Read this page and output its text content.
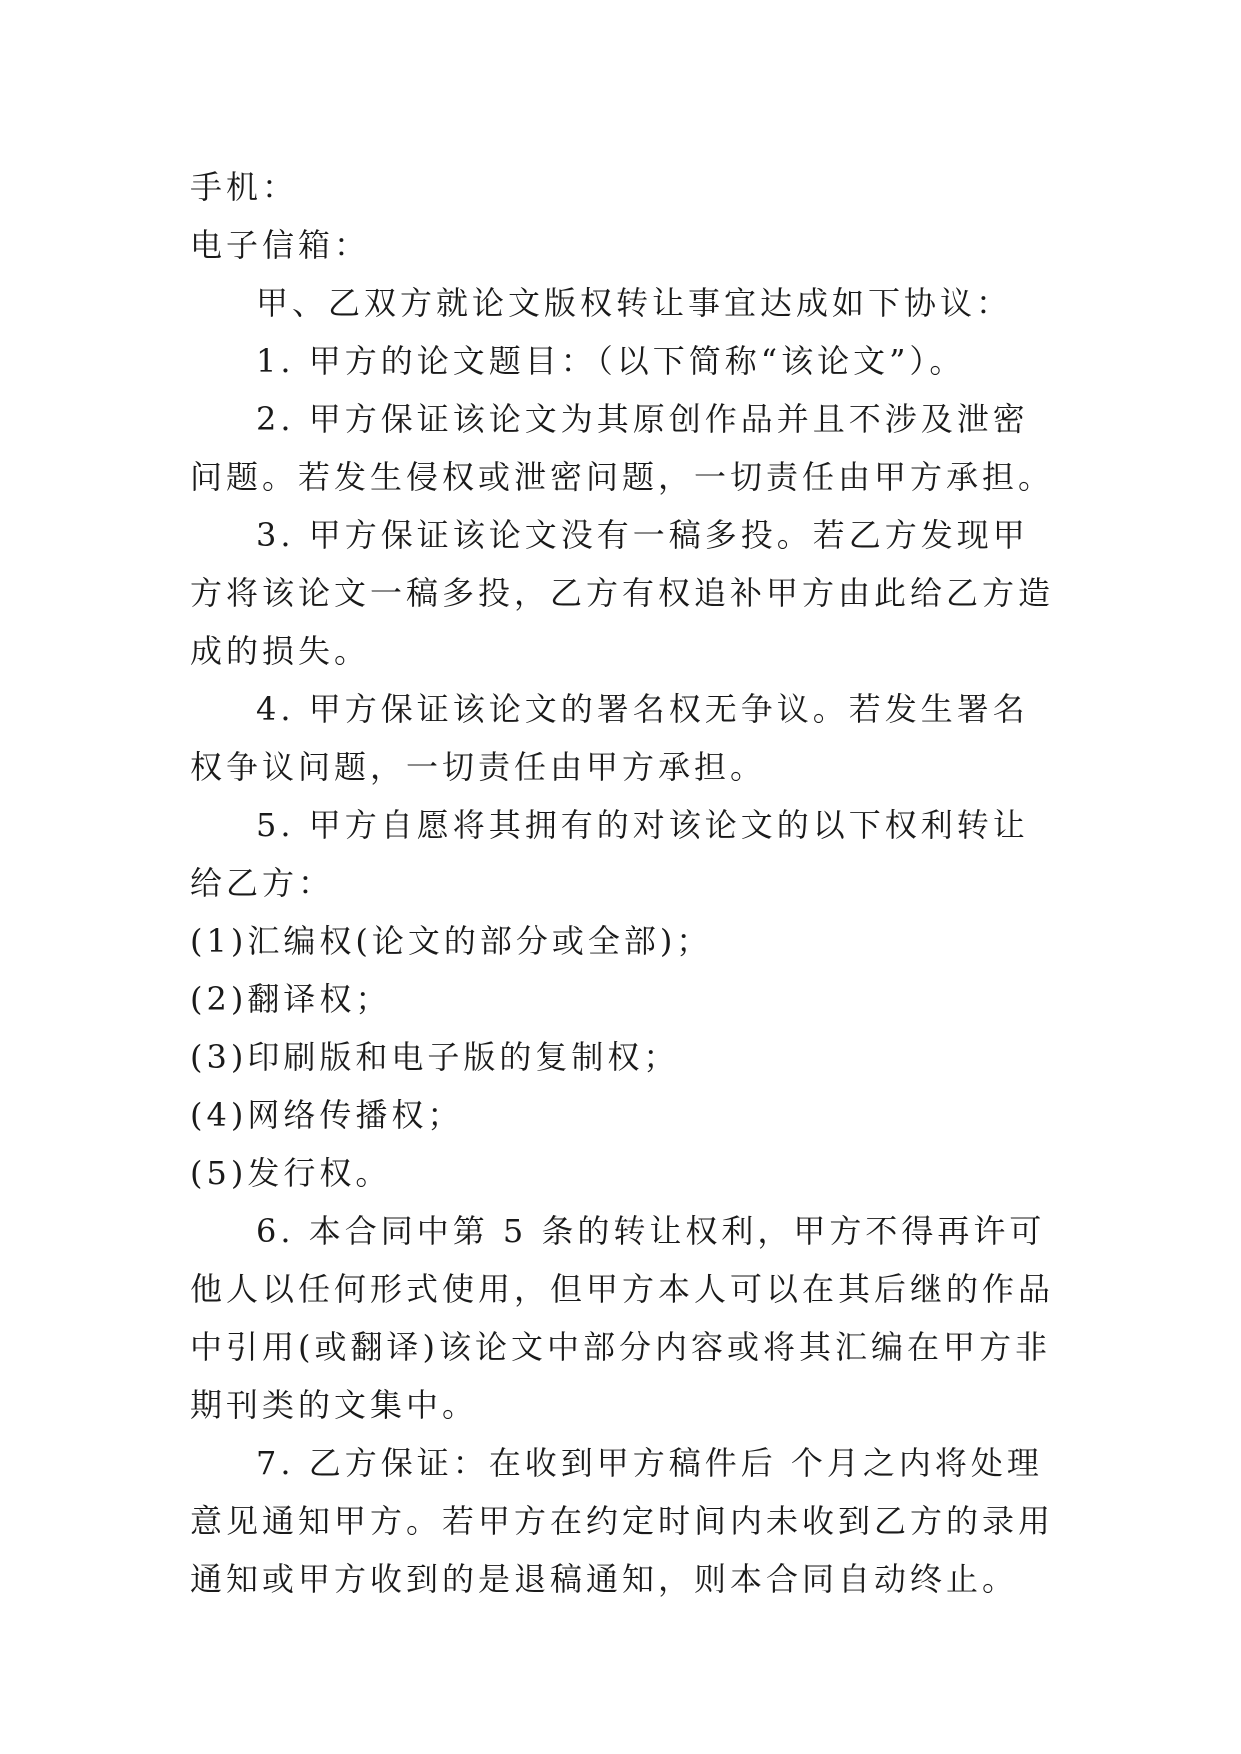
手机：

电子信箱：

甲、乙双方就论文版权转让事宜达成如下协议：

1. 甲方的论文题目：（以下简称“该论文”）。

2. 甲方保证该论文为其原创作品并且不涉及泄密问题。若发生侵权或泄密问题，一切责任由甲方承担。

3. 甲方保证该论文没有一稿多投。若乙方发现甲方将该论文一稿多投，乙方有权追补甲方由此给乙方造成的损失。

4. 甲方保证该论文的署名权无争议。若发生署名权争议问题，一切责任由甲方承担。

5. 甲方自愿将其拥有的对该论文的以下权利转让给乙方：

(1)汇编权(论文的部分或全部)；

(2)翻译权；

(3)印刷版和电子版的复制权；

(4)网络传播权；

(5)发行权。

6. 本合同中第 5 条的转让权利，甲方不得再许可他人以任何形式使用，但甲方本人可以在其后继的作品中引用(或翻译)该论文中部分内容或将其汇编在甲方非期刊类的文集中。

7. 乙方保证：在收到甲方稿件后 个月之内将处理意见通知甲方。若甲方在约定时间内未收到乙方的录用通知或甲方收到的是退稿通知，则本合同自动终止。
